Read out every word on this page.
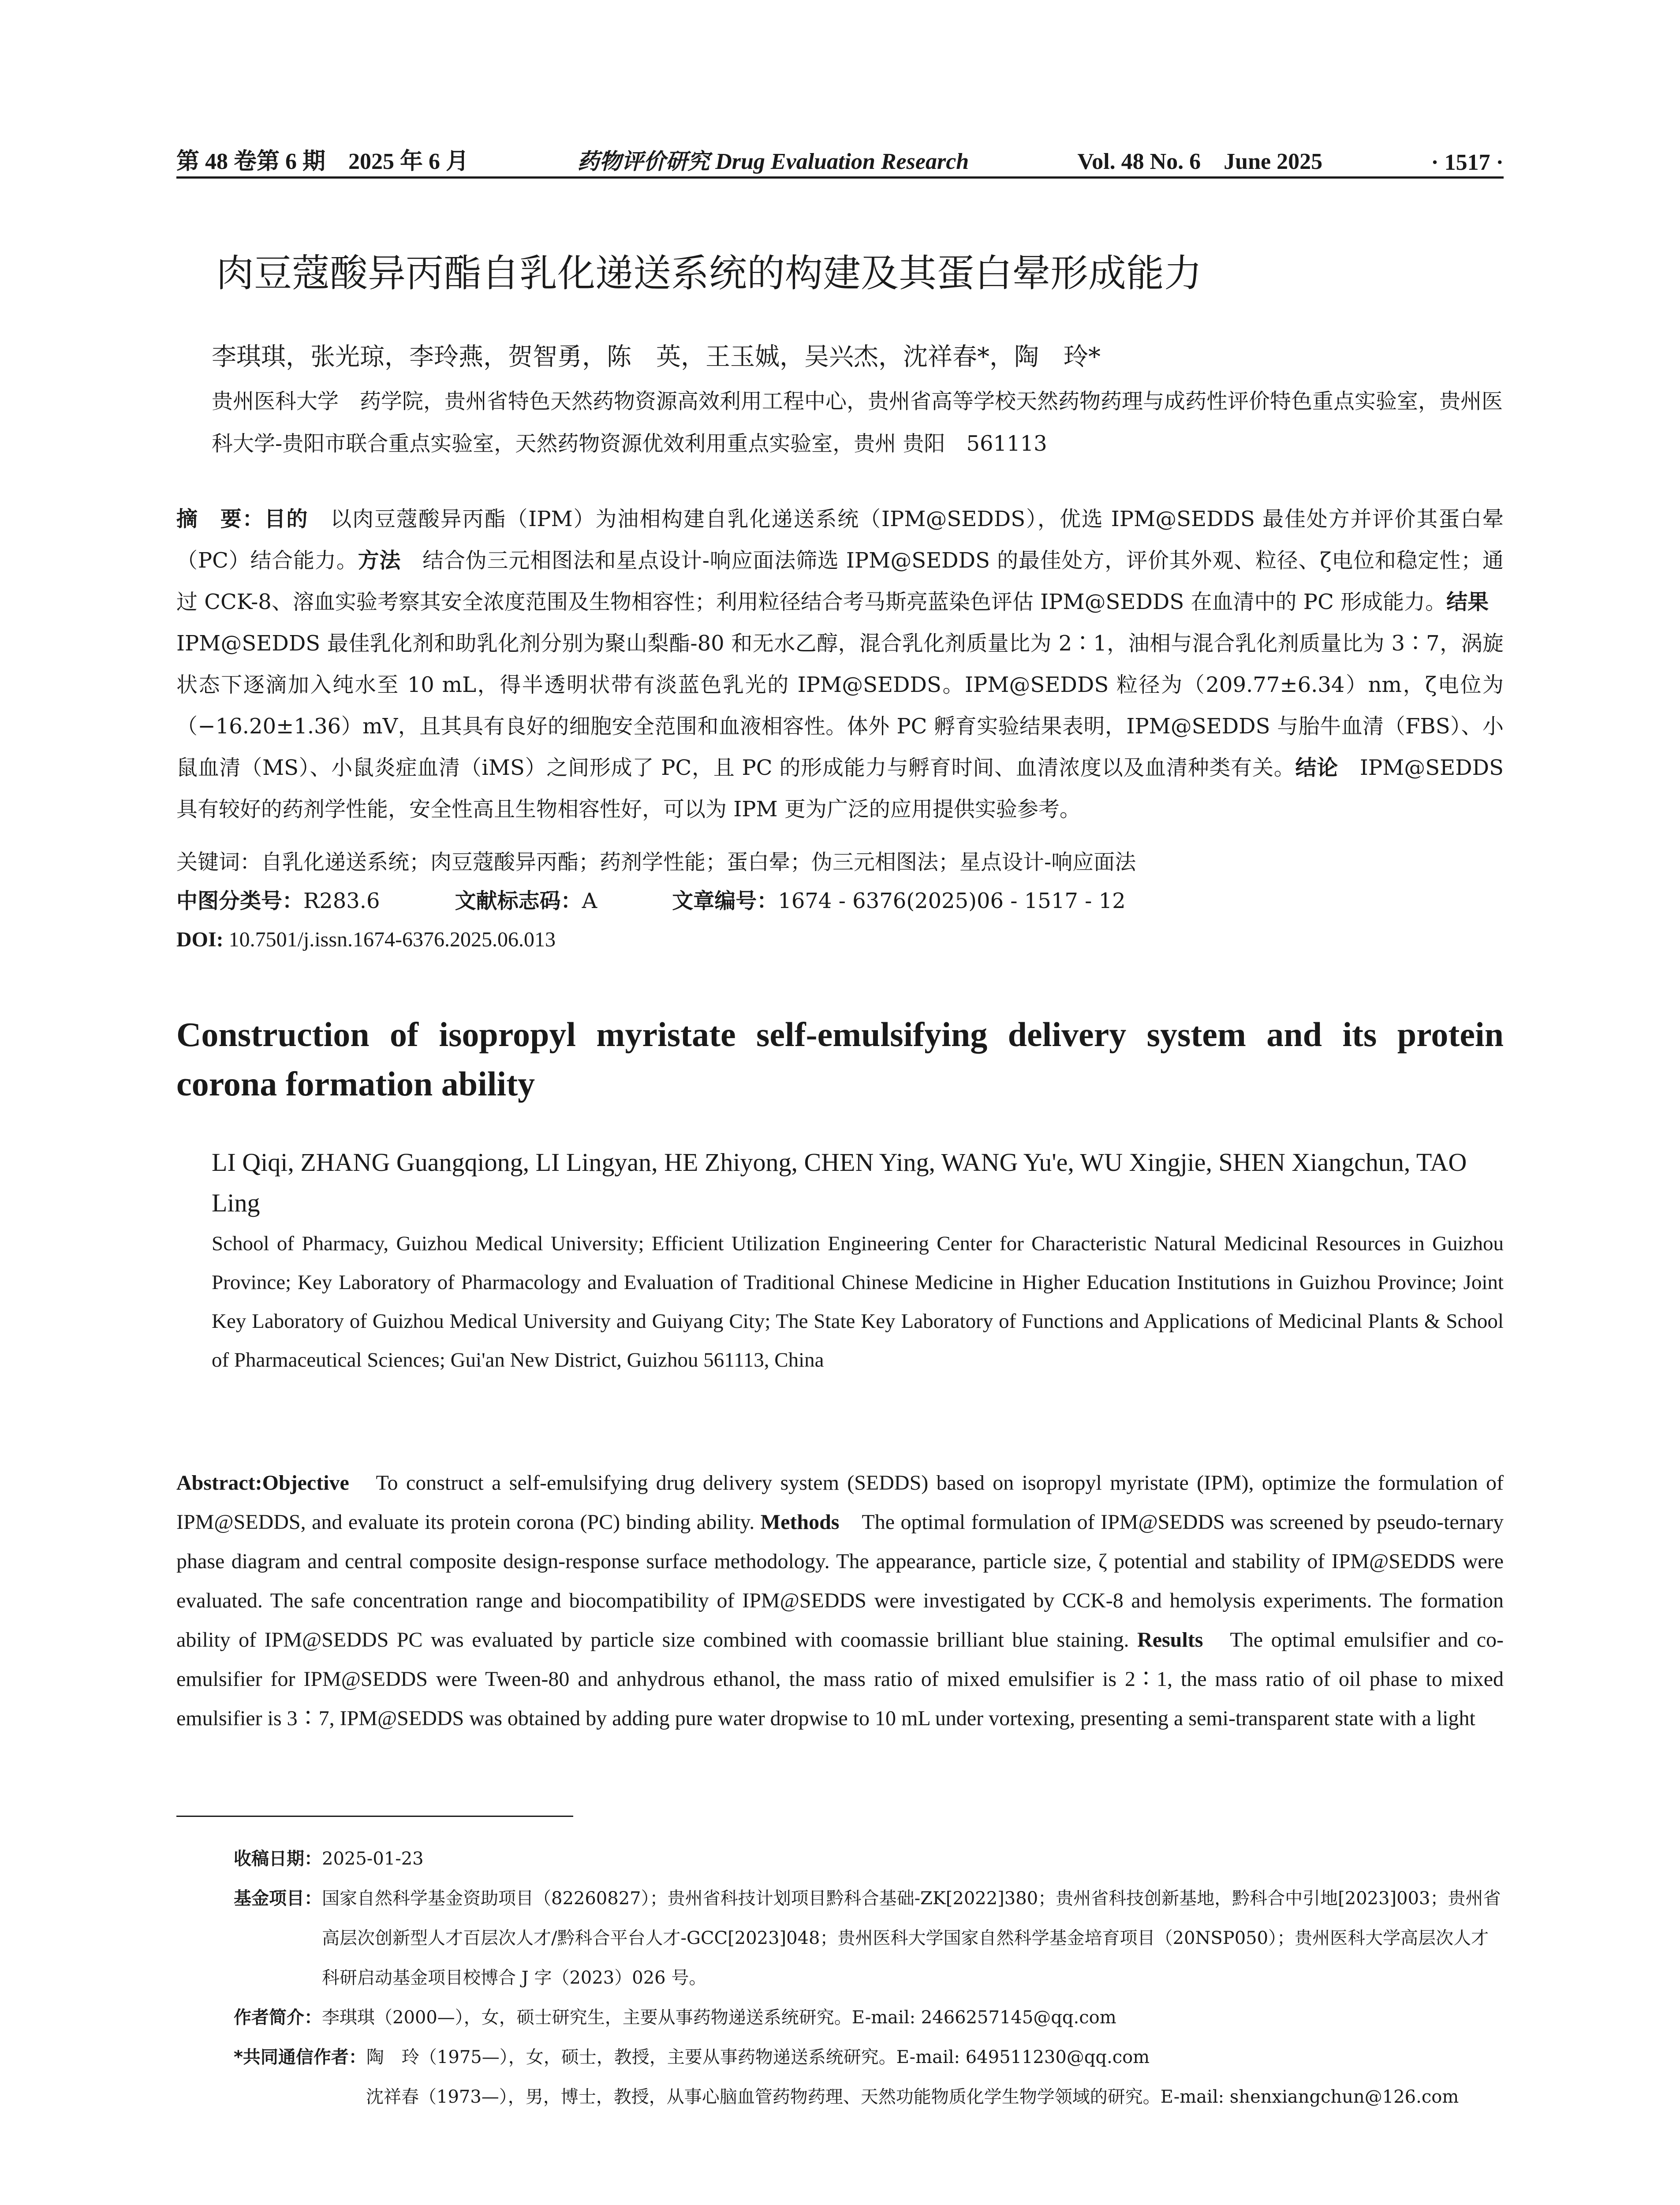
第 48 卷第 6 期　2025 年 6 月	药物评价研究 Drug Evaluation Research	Vol. 48 No. 6　June 2025	· 1517 ·
肉豆蔻酸异丙酯自乳化递送系统的构建及其蛋白晕形成能力
李琪琪，张光琼，李玲燕，贺智勇，陈　英，王玉娍，吴兴杰，沈祥春*，陶　玲*
贵州医科大学　药学院，贵州省特色天然药物资源高效利用工程中心，贵州省高等学校天然药物药理与成药性评价特色重点实验室，贵州医科大学-贵阳市联合重点实验室，天然药物资源优效利用重点实验室，贵州 贵阳　561113
摘　要：目的　以肉豆蔻酸异丙酯（IPM）为油相构建自乳化递送系统（IPM@SEDDS），优选 IPM@SEDDS 最佳处方并评价其蛋白晕（PC）结合能力。方法　结合伪三元相图法和星点设计-响应面法筛选 IPM@SEDDS 的最佳处方，评价其外观、粒径、ζ电位和稳定性；通过 CCK-8、溶血实验考察其安全浓度范围及生物相容性；利用粒径结合考马斯亮蓝染色评估 IPM@SEDDS 在血清中的 PC 形成能力。结果　IPM@SEDDS 最佳乳化剂和助乳化剂分别为聚山梨酯-80 和无水乙醇，混合乳化剂质量比为 2∶1，油相与混合乳化剂质量比为 3∶7，涡旋状态下逐滴加入纯水至 10 mL，得半透明状带有淡蓝色乳光的 IPM@SEDDS。IPM@SEDDS 粒径为（209.77±6.34）nm，ζ电位为（−16.20±1.36）mV，且其具有良好的细胞安全范围和血液相容性。体外 PC 孵育实验结果表明，IPM@SEDDS 与胎牛血清（FBS）、小鼠血清（MS）、小鼠炎症血清（iMS）之间形成了 PC，且 PC 的形成能力与孵育时间、血清浓度以及血清种类有关。结论　IPM@SEDDS 具有较好的药剂学性能，安全性高且生物相容性好，可以为 IPM 更为广泛的应用提供实验参考。
关键词：自乳化递送系统；肉豆蔻酸异丙酯；药剂学性能；蛋白晕；伪三元相图法；星点设计-响应面法
中图分类号：R283.6	文献标志码：A	文章编号：1674 - 6376(2025)06 - 1517 - 12
DOI: 10.7501/j.issn.1674-6376.2025.06.013
Construction of isopropyl myristate self-emulsifying delivery system and its protein corona formation ability
LI Qiqi, ZHANG Guangqiong, LI Lingyan, HE Zhiyong, CHEN Ying, WANG Yu'e, WU Xingjie, SHEN Xiangchun, TAO Ling
School of Pharmacy, Guizhou Medical University; Efficient Utilization Engineering Center for Characteristic Natural Medicinal Resources in Guizhou Province; Key Laboratory of Pharmacology and Evaluation of Traditional Chinese Medicine in Higher Education Institutions in Guizhou Province; Joint Key Laboratory of Guizhou Medical University and Guiyang City; The State Key Laboratory of Functions and Applications of Medicinal Plants & School of Pharmaceutical Sciences; Gui'an New District, Guizhou 561113, China
Abstract:Objective　To construct a self-emulsifying drug delivery system (SEDDS) based on isopropyl myristate (IPM), optimize the formulation of IPM@SEDDS, and evaluate its protein corona (PC) binding ability. Methods　The optimal formulation of IPM@SEDDS was screened by pseudo-ternary phase diagram and central composite design-response surface methodology. The appearance, particle size, ζ potential and stability of IPM@SEDDS were evaluated. The safe concentration range and biocompatibility of IPM@SEDDS were investigated by CCK-8 and hemolysis experiments. The formation ability of IPM@SEDDS PC was evaluated by particle size combined with coomassie brilliant blue staining. Results　The optimal emulsifier and co-emulsifier for IPM@SEDDS were Tween-80 and anhydrous ethanol, the mass ratio of mixed emulsifier is 2∶1, the mass ratio of oil phase to mixed emulsifier is 3∶7, IPM@SEDDS was obtained by adding pure water dropwise to 10 mL under vortexing, presenting a semi-transparent state with a light
收稿日期：2025-01-23
基金项目：国家自然科学基金资助项目（82260827）；贵州省科技计划项目黔科合基础-ZK[2022]380；贵州省科技创新基地，黔科合中引地[2023]003；贵州省高层次创新型人才百层次人才/黔科合平台人才-GCC[2023]048；贵州医科大学国家自然科学基金培育项目（20NSP050）；贵州医科大学高层次人才科研启动基金项目校博合 J 字（2023）026 号。
作者简介：李琪琪（2000—），女，硕士研究生，主要从事药物递送系统研究。E-mail: 2466257145@qq.com
*共同通信作者：陶　玲（1975—），女，硕士，教授，主要从事药物递送系统研究。E-mail: 649511230@qq.com
沈祥春（1973—），男，博士，教授，从事心脑血管药物药理、天然功能物质化学生物学领域的研究。E-mail: shenxiangchun@126.com
